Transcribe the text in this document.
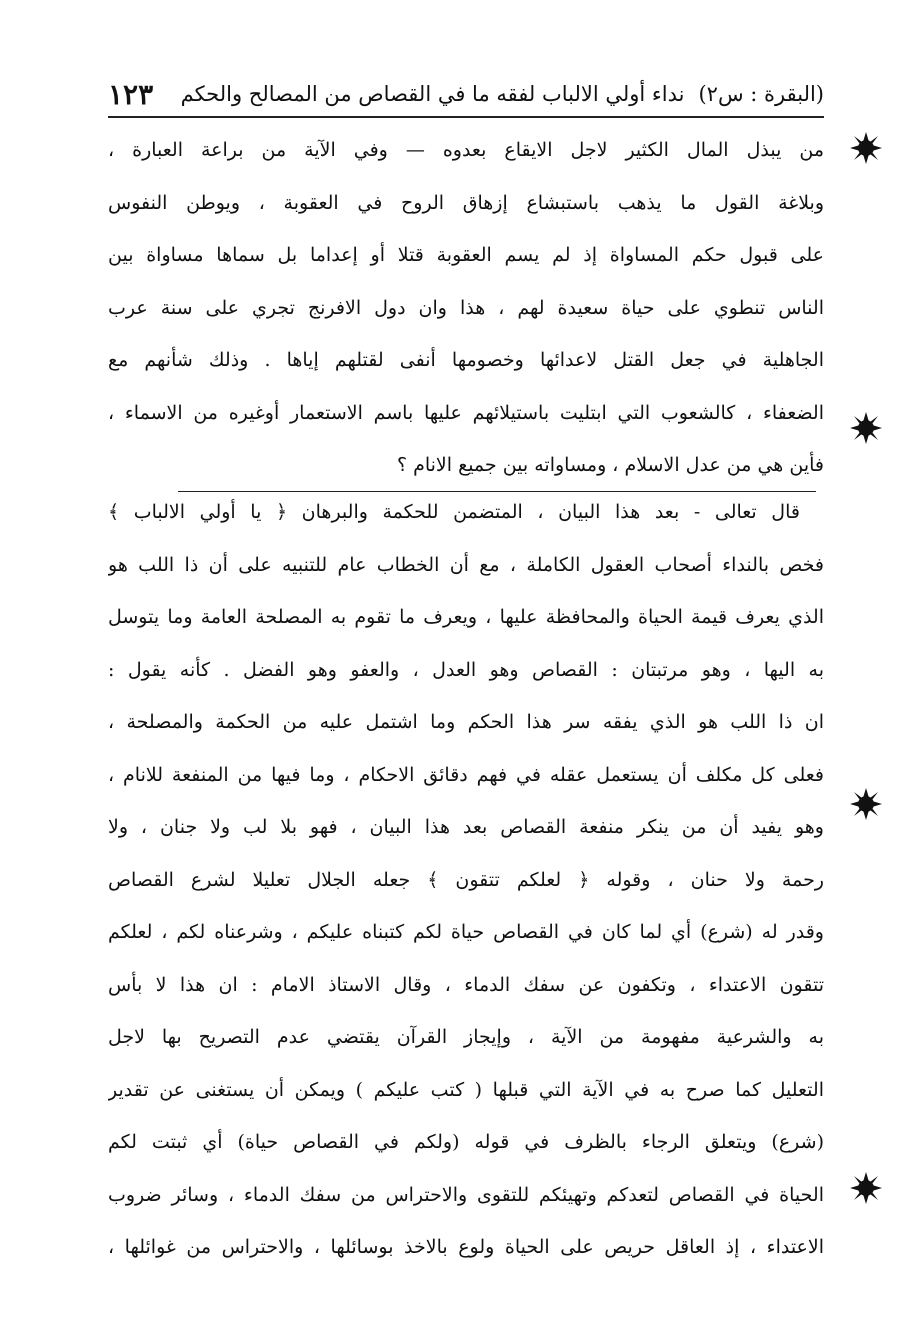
(البقرة : س٢)
نداء أولي الالباب لفقه ما في القصاص من المصالح والحكم
١٢٣
من يبذل المال الكثير لاجل الايقاع بعدوه — وفي الآية من براعة العبارة ،
وبلاغة القول ما يذهب باستبشاع إزهاق الروح في العقوبة ، ويوطن النفوس
على قبول حكم المساواة إذ لم يسم العقوبة قتلا أو إعداما بل سماها مساواة بين
الناس تنطوي على حياة سعيدة لهم ، هذا وان دول الافرنج تجري على سنة عرب
الجاهلية في جعل القتل لاعدائها وخصومها أنفى لقتلهم إياها . وذلك شأنهم مع
الضعفاء ، كالشعوب التي ابتليت باستيلائهم عليها باسم الاستعمار أوغيره من الاسماء ،
فأين هي من عدل الاسلام ، ومساواته بين جميع الانام ؟
قال تعالى - بعد هذا البيان ، المتضمن للحكمة والبرهان ﴿ يا أولي الالباب ﴾
فخص بالنداء أصحاب العقول الكاملة ، مع أن الخطاب عام للتنبيه على أن ذا اللب هو
الذي يعرف قيمة الحياة والمحافظة عليها ، ويعرف ما تقوم به المصلحة العامة وما يتوسل
به اليها ، وهو مرتبتان : القصاص وهو العدل ، والعفو وهو الفضل . كأنه يقول :
ان ذا اللب هو الذي يفقه سر هذا الحكم وما اشتمل عليه من الحكمة والمصلحة ،
فعلى كل مكلف أن يستعمل عقله في فهم دقائق الاحكام ، وما فيها من المنفعة للانام ،
وهو يفيد أن من ينكر منفعة القصاص بعد هذا البيان ، فهو بلا لب ولا جنان ، ولا
رحمة ولا حنان ، وقوله ﴿ لعلكم تتقون ﴾ جعله الجلال تعليلا لشرع القصاص
وقدر له (شرع) أي لما كان في القصاص حياة لكم كتبناه عليكم ، وشرعناه لكم ، لعلكم
تتقون الاعتداء ، وتكفون عن سفك الدماء ، وقال الاستاذ الامام : ان هذا لا بأس
به والشرعية مفهومة من الآية ، وإيجاز القرآن يقتضي عدم التصريح بها لاجل
التعليل كما صرح به في الآية التي قبلها ( كتب عليكم ) ويمكن أن يستغنى عن تقدير
(شرع) ويتعلق الرجاء بالظرف في قوله (ولكم في القصاص حياة) أي ثبتت لكم
الحياة في القصاص لتعدكم وتهيئكم للتقوى والاحتراس من سفك الدماء ، وسائر ضروب
الاعتداء ، إذ العاقل حريص على الحياة ولوع بالاخذ بوسائلها ، والاحتراس من غوائلها ،
